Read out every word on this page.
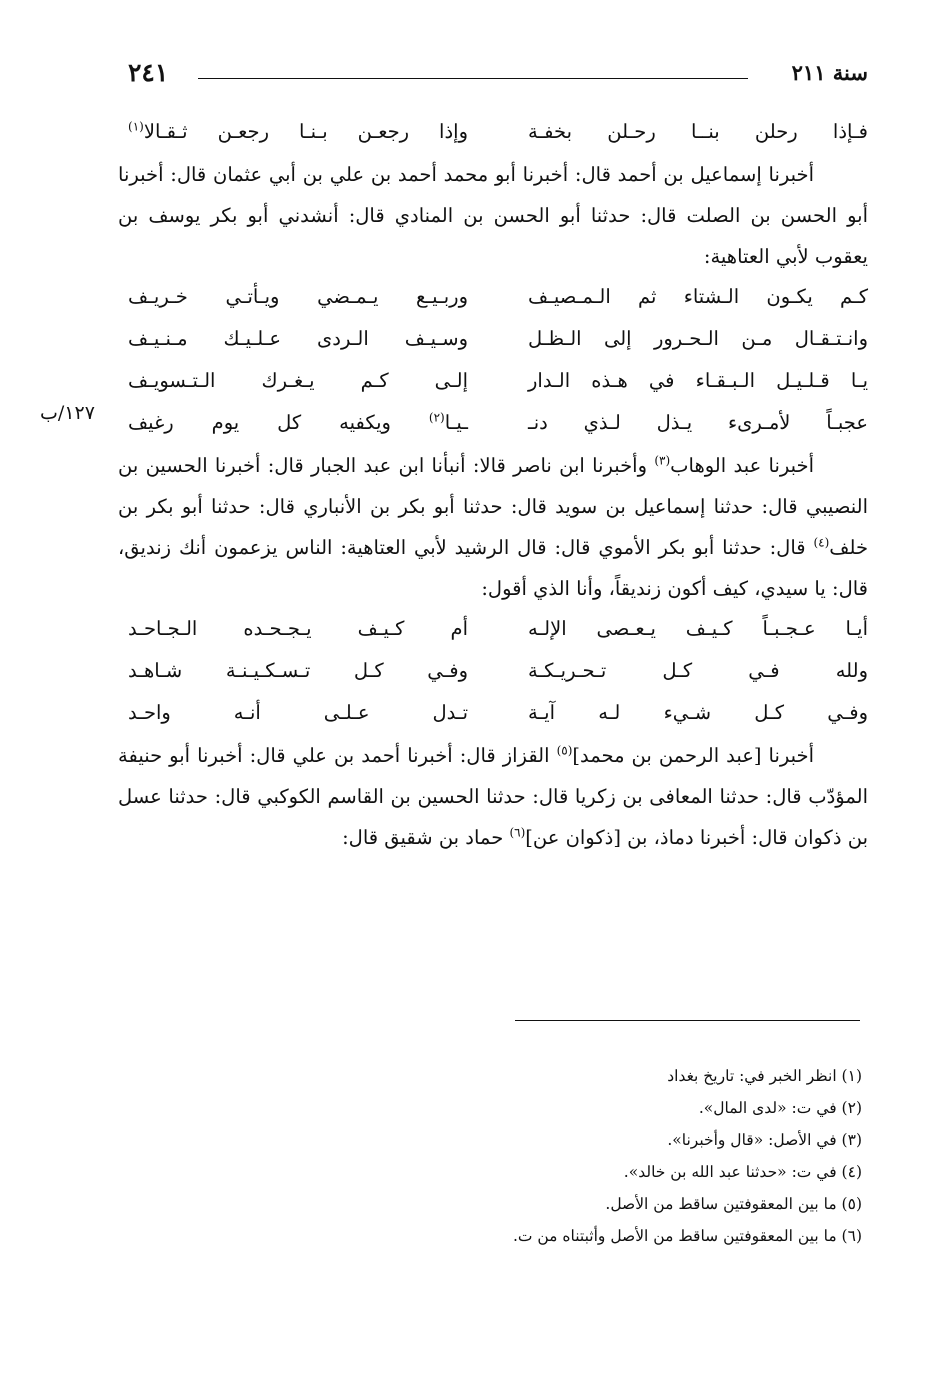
٢٤١	سنة ٢١١
فـإذا رحلن بنــا رحـلن بخفـة
وإذا رجعـن بـنـا رجعـن ثـقـالا$^{(١)}$

أخبرنا إسماعيل بن أحمد قال: أخبرنا أبو محمد أحمد بن علي بن أبي عثمان قال: أخبرنا أبو الحسن بن الصلت قال: حدثنا أبو الحسن بن المنادي قال: أنشدني أبو بكر يوسف بن يعقوب لأبي العتاهية:

كـم يكـون الـشتاء ثم الـمـصيـف
وربـيـع يـمـضي ويـأتـي خـريـف
وانـتـقـال مـن الـحـرور إلى الـظـل
وسـيـف الـردى عـلـيـك مـنـيـف
يـا قـلـيـل الـبـقـاء في هـذه الـدار
إلـى كـم يـغـرك الـتـسويـف
عجبـاً لأمـرىء يـذل لـذي دنـ
ـيـا$^{(٢)}$ ويكفيه كل يوم رغيف

أخبرنا عبد الوهاب$^{(٣)}$ وأخبرنا ابن ناصر قالا: أنبأنا ابن عبد الجبار قال: أخبرنا الحسين بن النصيبي قال: حدثنا إسماعيل بن سويد قال: حدثنا أبو بكر بن الأنباري قال: حدثنا أبو بكر بن خلف$^{(٤)}$ قال: حدثنا أبو بكر الأموي قال: قال الرشيد لأبي العتاهية: الناس يزعمون أنك زنديق، قال: يا سيدي، كيف أكون زنديقاً، وأنا الذي أقول:

أيـا عـجـبـاً كـيـف يـعـصى الإلـه
أم كـيـف يـجـحـده الـجـاحـد
ولله فـي كـل تـحـريـكـة
وفـي كـل تـسـكـيـنـة شـاهـد
وفـي كـل شـيء لـه آيـة
تـدل عـلـى أنـه واحـد

أخبرنا [عبد الرحمن بن محمد]$^{(٥)}$ القزاز قال: أخبرنا أحمد بن علي قال: أخبرنا أبو حنيفة المؤدّب قال: حدثنا المعافى بن زكريا قال: حدثنا الحسين بن القاسم الكوكبي قال: حدثنا عسل بن ذكوان قال: أخبرنا دماذ، بن [ذكوان عن]$^{(٦)}$ حماد بن شقيق قال:

١٢٧/ب
(١) انظر الخبر في: تاريخ بغداد
(٢) في ت: «لدى المال».
(٣) في الأصل: «قال وأخبرنا».
(٤) في ت: «حدثنا عبد الله بن خالد».
(٥) ما بين المعقوفتين ساقط من الأصل.
(٦) ما بين المعقوفتين ساقط من الأصل وأثبتناه من ت.
